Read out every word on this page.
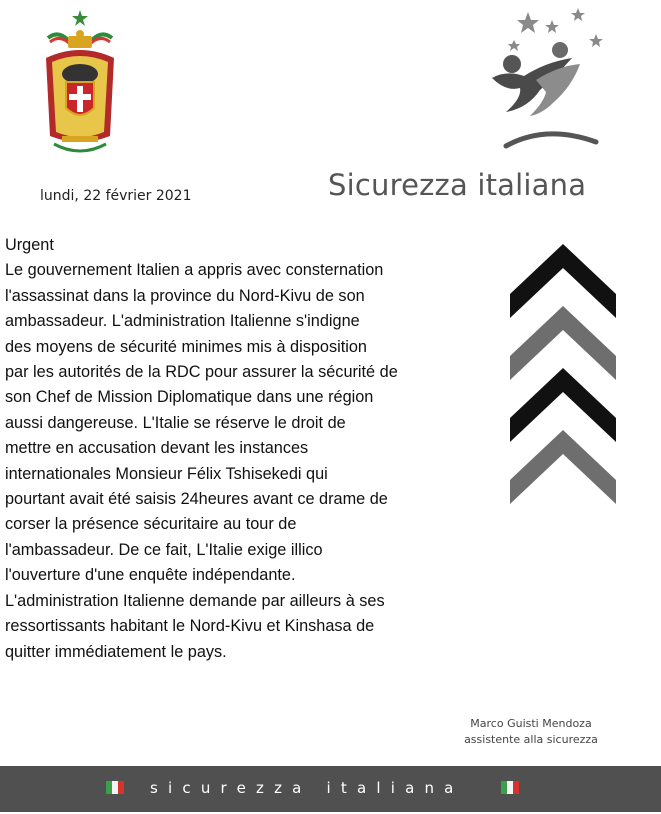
lundi, 22 février 2021	Sicurezza italiana
Urgent
Le gouvernement Italien a appris avec consternation
l'assassinat dans la province du Nord-Kivu de son
ambassadeur. L'administration Italienne s'indigne
des moyens de sécurité minimes mis à disposition
par les autorités de la RDC pour assurer la sécurité de
son Chef de Mission Diplomatique dans une région
aussi dangereuse. L'Italie se réserve le droit de
mettre en accusation devant les instances
internationales Monsieur Félix Tshisekedi qui
pourtant avait été saisis 24heures avant ce drame de
corser la présence sécuritaire au tour de
l'ambassadeur. De ce fait, L'Italie exige illico
l'ouverture d'une enquête indépendante.
L'administration Italienne demande par ailleurs à ses
ressortissants habitant le Nord-Kivu et Kinshasa de
quitter immédiatement le pays.
Marco Guisti Mendoza
assistente alla sicurezza
sicurezza italiana
